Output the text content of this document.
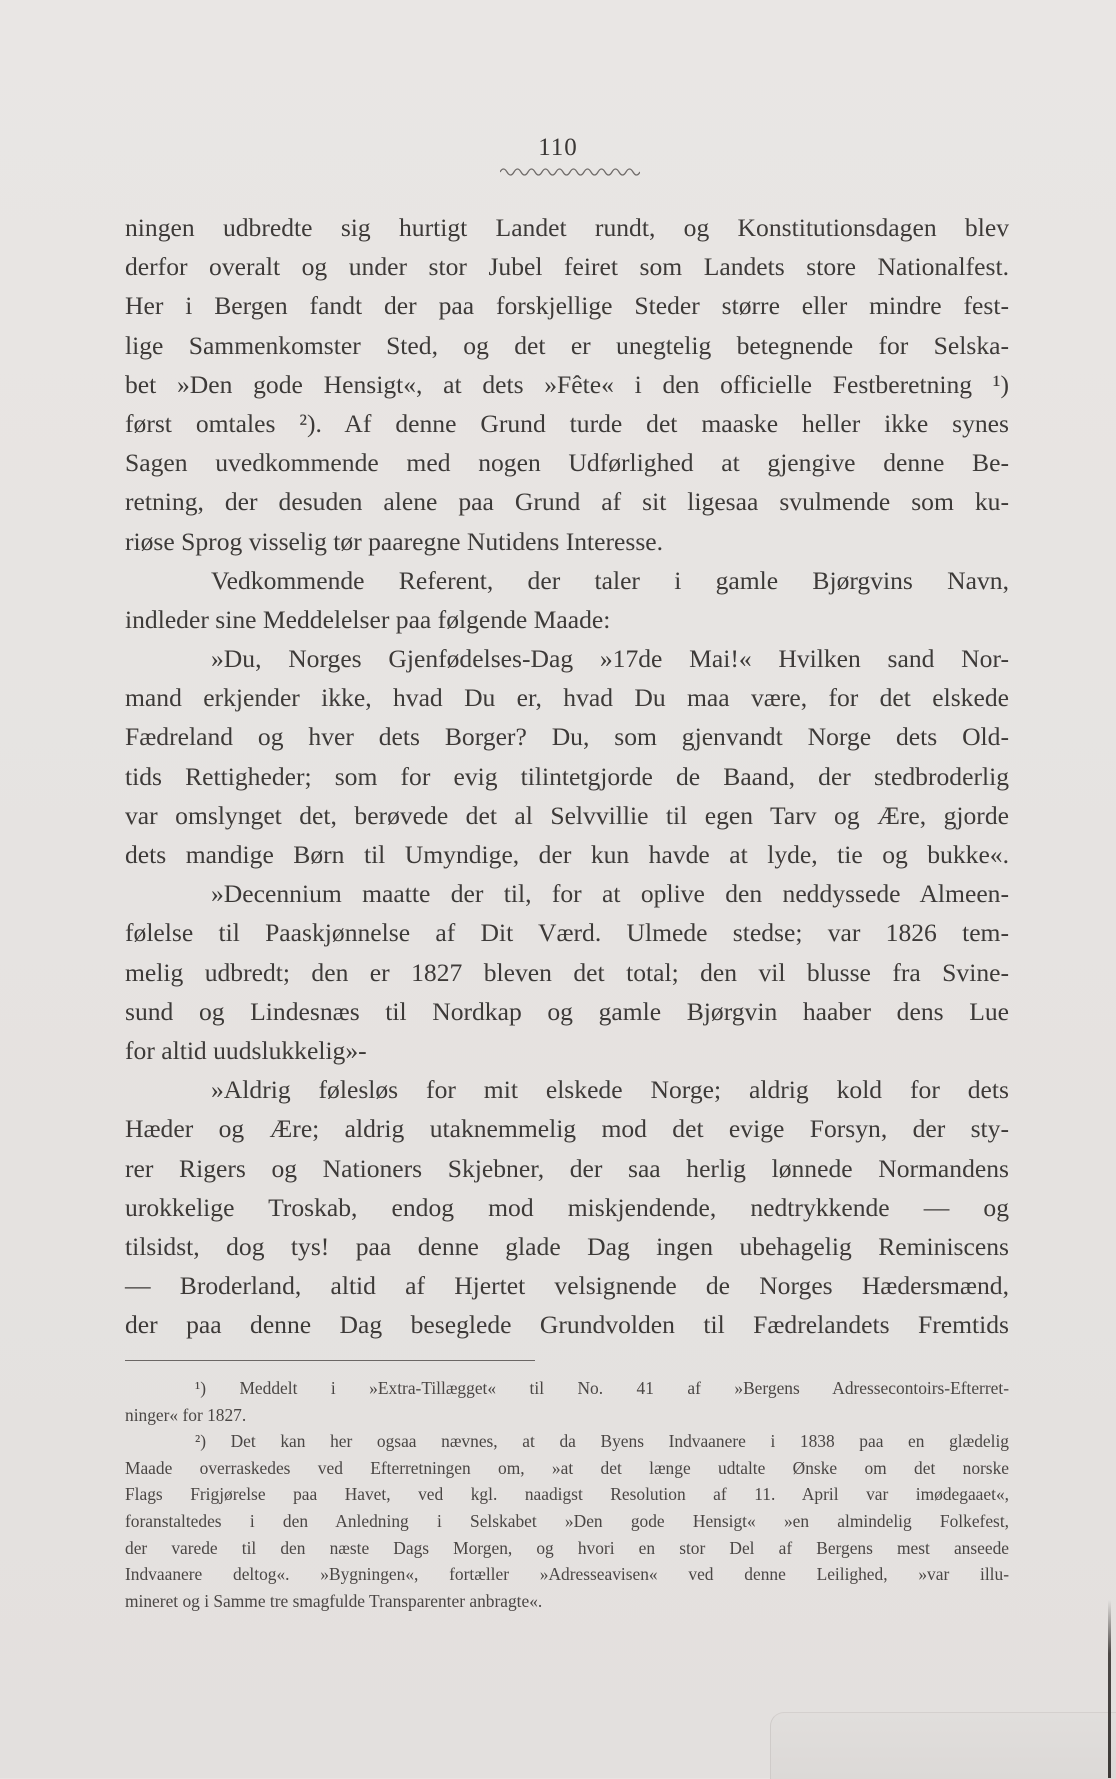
110
ningen udbredte sig hurtigt Landet rundt, og Konstitutionsdagen blev
derfor overalt og under stor Jubel feiret som Landets store Nationalfest.
Her i Bergen fandt der paa forskjellige Steder større eller mindre fest-
lige Sammenkomster Sted, og det er unegtelig betegnende for Selska-
bet »Den gode Hensigt«, at dets »Fête« i den officielle Festberetning ¹)
først omtales ²). Af denne Grund turde det maaske heller ikke synes
Sagen uvedkommende med nogen Udførlighed at gjengive denne Be-
retning, der desuden alene paa Grund af sit ligesaa svulmende som ku-
riøse Sprog visselig tør paaregne Nutidens Interesse.
Vedkommende Referent, der taler i gamle Bjørgvins Navn,
indleder sine Meddelelser paa følgende Maade:
»Du, Norges Gjenfødelses-Dag »17de Mai!« Hvilken sand Nor-
mand erkjender ikke, hvad Du er, hvad Du maa være, for det elskede
Fædreland og hver dets Borger? Du, som gjenvandt Norge dets Old-
tids Rettigheder; som for evig tilintetgjorde de Baand, der stedbroderlig
var omslynget det, berøvede det al Selvvillie til egen Tarv og Ære, gjorde
dets mandige Børn til Umyndige, der kun havde at lyde, tie og bukke«.
»Decennium maatte der til, for at oplive den neddyssede Almeen-
følelse til Paaskjønnelse af Dit Værd. Ulmede stedse; var 1826 tem-
melig udbredt; den er 1827 bleven det total; den vil blusse fra Svine-
sund og Lindesnæs til Nordkap og gamle Bjørgvin haaber dens Lue
for altid uudslukkelig»-
»Aldrig følesløs for mit elskede Norge; aldrig kold for dets
Hæder og Ære; aldrig utaknemmelig mod det evige Forsyn, der sty-
rer Rigers og Nationers Skjebner, der saa herlig lønnede Normandens
urokkelige Troskab, endog mod miskjendende, nedtrykkende — og
tilsidst, dog tys! paa denne glade Dag ingen ubehagelig Reminiscens
— Broderland, altid af Hjertet velsignende de Norges Hædersmænd,
der paa denne Dag beseglede Grundvolden til Fædrelandets Fremtids
¹) Meddelt i »Extra-Tillægget« til No. 41 af »Bergens Adressecontoirs-Efterret-
ninger« for 1827.
²) Det kan her ogsaa nævnes, at da Byens Indvaanere i 1838 paa en glædelig
Maade overraskedes ved Efterretningen om, »at det længe udtalte Ønske om det norske
Flags Frigjørelse paa Havet, ved kgl. naadigst Resolution af 11. April var imødegaaet«,
foranstaltedes i den Anledning i Selskabet »Den gode Hensigt« »en almindelig Folkefest,
der varede til den næste Dags Morgen, og hvori en stor Del af Bergens mest anseede
Indvaanere deltog«. »Bygningen«, fortæller »Adresseavisen« ved denne Leilighed, »var illu-
mineret og i Samme tre smagfulde Transparenter anbragte«.
